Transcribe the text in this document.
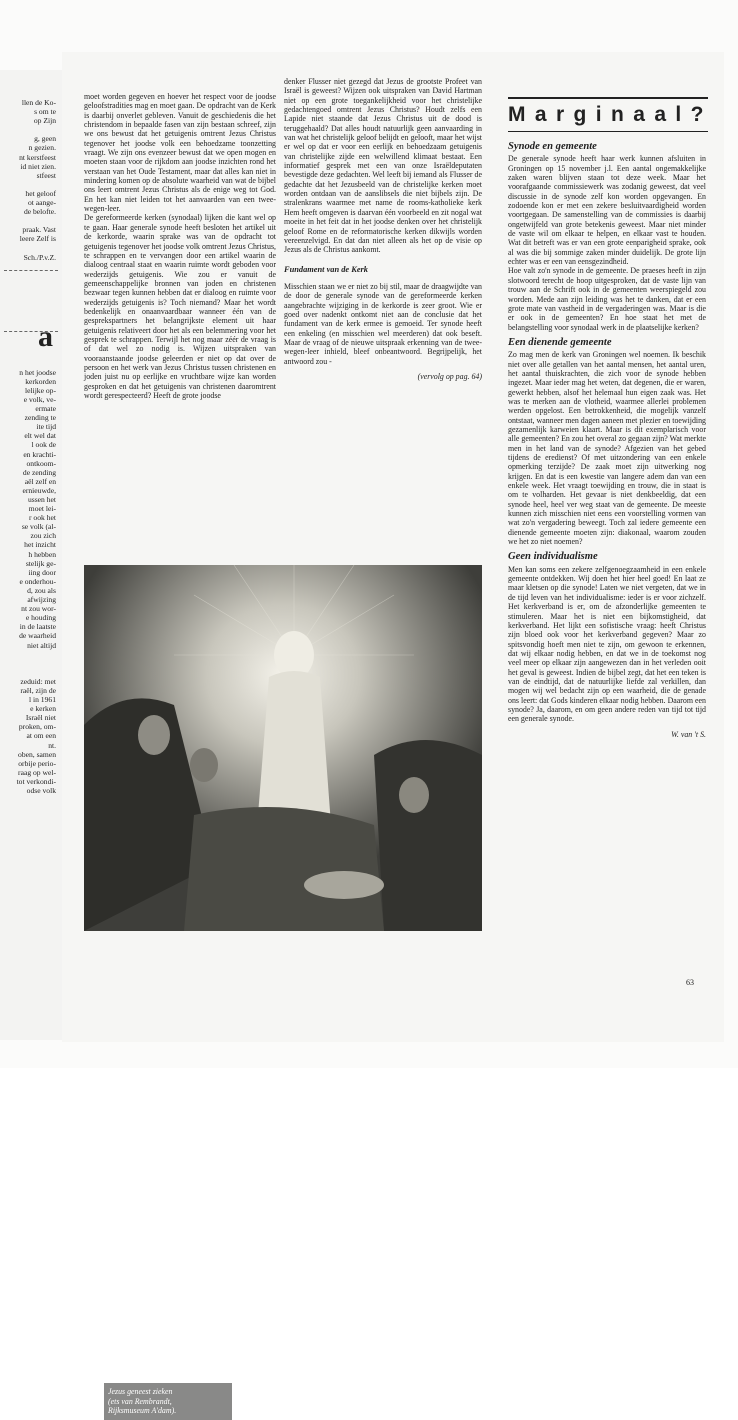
llen de Ko-
s om te
op Zijn

g, geen
n gezien.
nt kerstfeest
id niet zien.
stfeest

het geloof
ot aange-
de belofte.

praak. Vast
leere Zelf is

Sch./P.v.Z.
a
n het joodse
kerkorden
lelijke op-
e volk, ve-
ermate
zending te
ite tijd
elt wel dat
l ook de
en krachti-
ontkoom-
de zending
aël zelf en
ernieuwde,
ussen het
moet lei-
r ook het
se volk (al-
zou zich
het inzicht
h hebben
stelijk ge-
iing door
e onderhou-
d, zou als
afwijzing
nt zou wor-
e houding
in de laatste
de waarheid
niet altijd

zeduid: met
raël, zijn de
l in 1961
e kerken
Israël niet
proken, om-
at om een
nt.
oben, samen
orbije perio-
raag op wel-
tot verkondi-
odse volk

moet worden gegeven en hoever het respect voor de joodse geloofstradities mag en moet gaan. De opdracht van de Kerk is daarbij onverlet gebleven. Vanuit de geschiedenis die het christendom in bepaalde fasen van zijn bestaan schreef, zijn we ons bewust dat het getuigenis omtrent Jezus Christus tegenover het joodse volk een behoedzame toonzetting vraagt. We zijn ons evenzeer bewust dat we open mogen en moeten staan voor de rijkdom aan joodse inzichten rond het verstaan van het Oude Testament, maar dat alles kan niet in mindering komen op de absolute waarheid van wat de bijbel ons leert omtrent Jezus Christus als de enige weg tot God. En het kan niet leiden tot het aanvaarden van een twee-wegen-leer.

De gereformeerde kerken (synodaal) lijken die kant wel op te gaan. Haar generale synode heeft besloten het artikel uit de kerkorde, waarin sprake was van de opdracht tot getuigenis tegenover het joodse volk omtrent Jezus Christus, te schrappen en te vervangen door een artikel waarin de dialoog centraal staat en waarin ruimte wordt geboden voor wederzijds getuigenis. Wie zou er vanuit de gemeenschappelijke bronnen van joden en christenen bezwaar tegen kunnen hebben dat er dialoog en ruimte voor wederzijds getuigenis is? Toch niemand? Maar het wordt bedenkelijk en onaanvaardbaar wanneer één van de gesprekspartners het belangrijkste element uit haar getuigenis relativeert door het als een belemmering voor het gesprek te schrappen. Terwijl het nog maar zéér de vraag is of dat wel zo nodig is. Wijzen uitspraken van vooraanstaande joodse geleerden er niet op dat over de persoon en het werk van Jezus Christus tussen christenen en joden juist nu op eerlijke en vruchtbare wijze kan worden gesproken en dat het getuigenis van christenen daaromtrent wordt gerespecteerd? Heeft de grote joodse

denker Flusser niet gezegd dat Jezus de grootste Profeet van Israël is geweest? Wijzen ook uitspraken van David Hartman niet op een grote toegankelijkheid voor het christelijke gedachtengoed omtrent Jezus Christus? Houdt zelfs een Lapide niet staande dat Jezus Christus uit de dood is teruggehaald? Dat alles houdt natuurlijk geen aanvaarding in van wat het christelijk geloof belijdt en gelooft, maar het wijst er wel op dat er voor een eerlijk en behoedzaam getuigenis van christelijke zijde een welwillend klimaat bestaat. Een informatief gesprek met een van onze Israëldeputaten bevestigde deze gedachten. Wel leeft bij iemand als Flusser de gedachte dat het Jezusbeeld van de christelijke kerken moet worden ontdaan van de aanslibsels die niet bijbels zijn. De stralenkrans waarmee met name de rooms-katholieke kerk Hem heeft omgeven is daarvan één voorbeeld en zit nogal wat moeite in het feit dat in het joodse denken over het christelijk geloof Rome en de reformatorische kerken dikwijls worden vereenzelvigd. En dat dan niet alleen als het op de visie op Jezus als de Christus aankomt.

Fundament van de Kerk

Misschien staan we er niet zo bij stil, maar de draagwijdte van de door de generale synode van de gereformeerde kerken aangebrachte wijziging in de kerkorde is zeer groot. Wie er goed over nadenkt ontkomt niet aan de conclusie dat het fundament van de kerk ermee is gemoeid. Ter synode heeft een enkeling (en misschien wel meerderen) dat ook beseft. Maar de vraag of de nieuwe uitspraak erkenning van de twee-wegen-leer inhield, bleef onbeantwoord. Begrijpelijk, het antwoord zou -

(vervolg op pag. 64)
Marginaal?
Synode en gemeente

De generale synode heeft haar werk kunnen afsluiten in Groningen op 15 november j.l. Een aantal ongemakkelijke zaken waren blijven staan tot deze week. Maar het voorafgaande commissiewerk was zodanig geweest, dat veel discussie in de synode zelf kon worden opgevangen. En zodoende kon er met een zekere besluitvaardigheid worden voortgegaan. De samenstelling van de commissies is daarbij ongetwijfeld van grote betekenis geweest. Maar niet minder de vaste wil om elkaar te helpen, en elkaar vast te houden. Wat dit betreft was er van een grote eenparigheid sprake, ook al was die bij sommige zaken minder duidelijk. De grote lijn echter was er een van eensgezindheid.

Hoe valt zo'n synode in de gemeente. De praeses heeft in zijn slotwoord terecht de hoop uitgesproken, dat de vaste lijn van trouw aan de Schrift ook in de gemeenten weerspiegeld zou worden. Mede aan zijn leiding was het te danken, dat er een grote mate van vastheid in de vergaderingen was. Maar is die er ook in de gemeenten? En hoe staat het met de belangstelling voor synodaal werk in de plaatselijke kerken?

Een dienende gemeente

Zo mag men de kerk van Groningen wel noemen. Ik beschik niet over alle getallen van het aantal mensen, het aantal uren, het aantal thuiskrachten, die zich voor de synode hebben ingezet. Maar ieder mag het weten, dat degenen, die er waren, gewerkt hebben, alsof het helemaal hun eigen zaak was. Het was te merken aan de vlotheid, waarmee allerlei problemen werden opgelost. Een betrokkenheid, die mogelijk vanzelf ontstaat, wanneer men dagen aaneen met plezier en toewijding gezamenlijk karweien klaart. Maar is dit exemplarisch voor alle gemeenten? En zou het overal zo gegaan zijn? Wat merkte men in het land van de synode? Afgezien van het gebed tijdens de eredienst? Of met uitzondering van een enkele opmerking terzijde? De zaak moet zijn uitwerking nog krijgen. En dat is een kwestie van langere adem dan van een enkele week. Het vraagt toewijding en trouw, die in staat is om te volharden. Het gevaar is niet denkbeeldig, dat een synode heel, heel ver weg staat van de gemeente. De meeste kunnen zich misschien niet eens een voorstelling vormen van wat zo'n vergadering beweegt. Toch zal iedere gemeente een dienende gemeente moeten zijn: diakonaal, waarom zouden we het zo niet noemen?

Geen individualisme

Men kan soms een zekere zelfgenoegzaamheid in een enkele gemeente ontdekken. Wij doen het hier heel goed! En laat ze maar kletsen op die synode! Laten we niet vergeten, dat we in de tijd leven van het individualisme: ieder is er voor zichzelf. Het kerkverband is er, om de afzonderlijke gemeenten te stimuleren. Maar het is niet een bijkomstigheid, dat kerkverband. Het lijkt een sofistische vraag: heeft Christus zijn bloed ook voor het kerkverband gegeven? Maar zo spitsvondig hoeft men niet te zijn, om gewoon te erkennen, dat wij elkaar nodig hebben, en dat we in de toekomst nog veel meer op elkaar zijn aangewezen dan in het verleden ooit het geval is geweest. Indien de bijbel zegt, dat het een teken is van de eindtijd, dat de natuurlijke liefde zal verkillen, dan mogen wij wel bedacht zijn op een waarheid, die de genade ons leert: dat Gods kinderen elkaar nodig hebben. Daarom een synode? Ja, daarom, en om geen andere reden van tijd tot tijd een generale synode.

W. van 't S.
Jezus geneest zieken
(ets van Rembrandt,
Rijksmuseum A'dam).
63
